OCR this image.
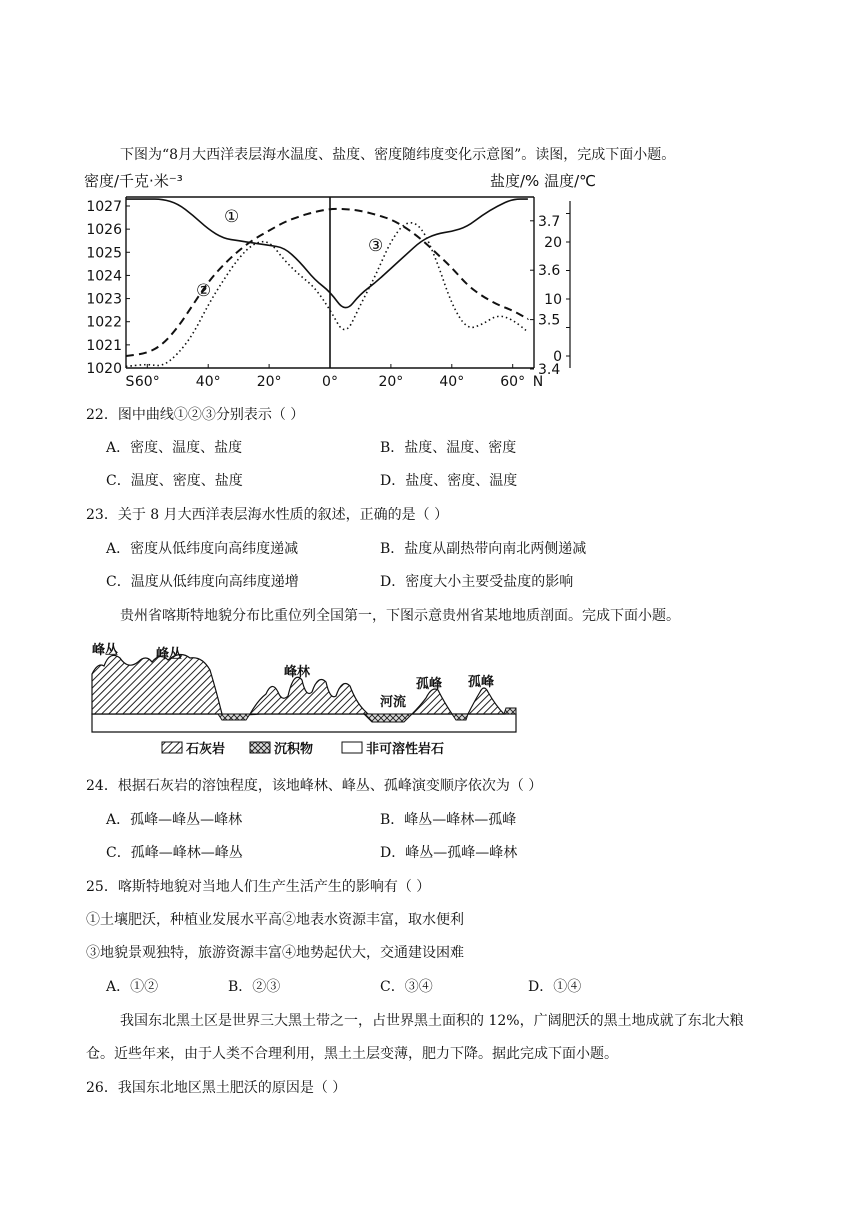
下图为“8月大西洋表层海水温度、盐度、密度随纬度变化示意图”。读图，完成下面小题。
密度/千克·米⁻³	盐度/% 温度/℃
1027
1026
1025
1024
1023
1022
1021
1020
3.7
3.6
3.5
3.4
20
10
0
S 60°	40°	20°	0°	20°	40°	60° N
①
②
③
22．图中曲线①②③分别表示（ ）
A．密度、温度、盐度	B．盐度、温度、密度
C．温度、密度、盐度	D．盐度、密度、温度
23．关于 8 月大西洋表层海水性质的叙述，正确的是（ ）
A．密度从低纬度向高纬度递减	B．盐度从副热带向南北两侧递减
C．温度从低纬度向高纬度递增	D．密度大小主要受盐度的影响
贵州省喀斯特地貌分布比重位列全国第一，下图示意贵州省某地地质剖面。完成下面小题。
峰丛	峰丛
峰林
河流
孤峰 孤峰
石灰岩	沉积物	非可溶性岩石
24．根据石灰岩的溶蚀程度，该地峰林、峰丛、孤峰演变顺序依次为（ ）
A．孤峰—峰丛—峰林	B．峰丛—峰林—孤峰
C．孤峰—峰林—峰丛	D．峰丛—孤峰—峰林
25．喀斯特地貌对当地人们生产生活产生的影响有（ ）
①土壤肥沃，种植业发展水平高②地表水资源丰富，取水便利
③地貌景观独特，旅游资源丰富④地势起伏大，交通建设困难
A．①②	B．②③	C．③④	D．①④
我国东北黑土区是世界三大黑土带之一，占世界黑土面积的 12%，广阔肥沃的黑土地成就了东北大粮
仓。近些年来，由于人类不合理利用，黑土土层变薄，肥力下降。据此完成下面小题。
26．我国东北地区黑土肥沃的原因是（ ）
